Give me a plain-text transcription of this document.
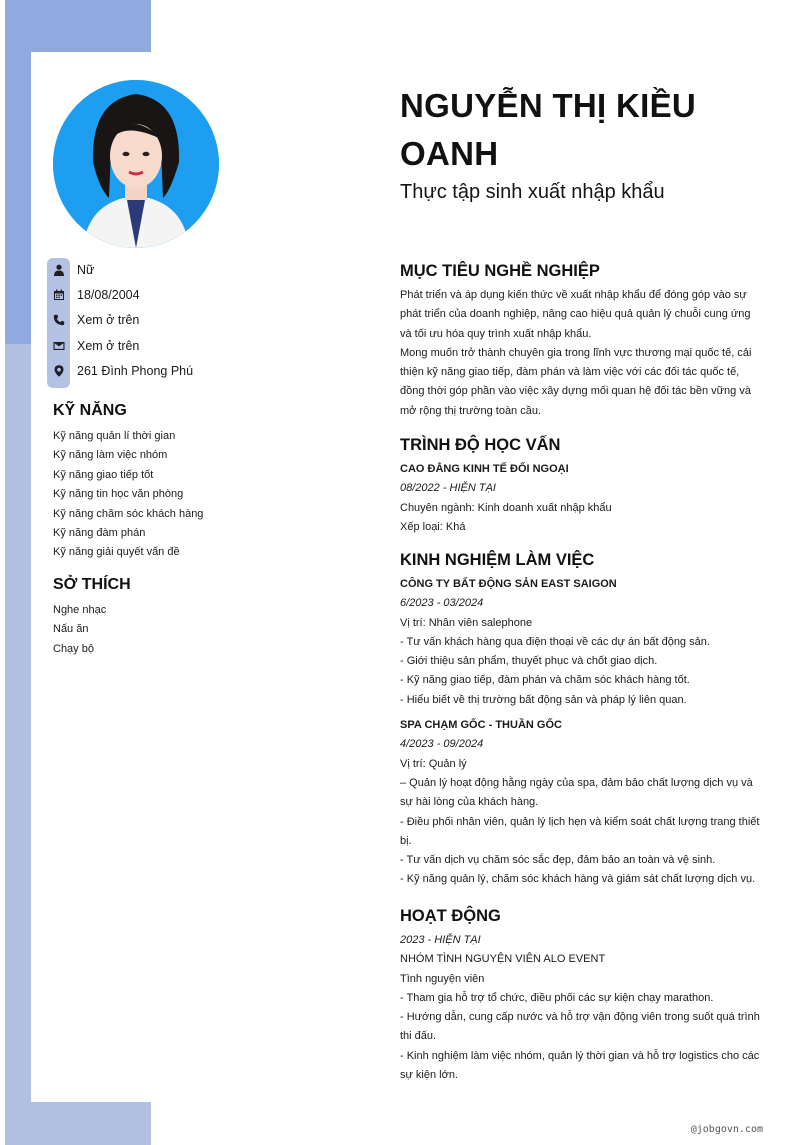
Nữ
18/08/2004
Xem ở trên
Xem ở trên
261 Đình Phong Phú
KỸ NĂNG
Kỹ năng quản lí thời gian
Kỹ năng làm việc nhóm
Kỹ năng giao tiếp tốt
Kỹ năng tin học văn phòng
Kỹ năng chăm sóc khách hàng
Kỹ năng đàm phán
Kỹ năng giải quyết vấn đề
SỞ THÍCH
Nghe nhạc
Nấu ăn
Chạy bộ
NGUYỄN THỊ KIỀU OANH
Thực tập sinh xuất nhập khẩu
MỤC TIÊU NGHỀ NGHIỆP

Phát triển và áp dụng kiến thức về xuất nhập khẩu để đóng góp vào sự phát triển của doanh nghiệp, nâng cao hiệu quả quản lý chuỗi cung ứng và tối ưu hóa quy trình xuất nhập khẩu.

Mong muốn trở thành chuyên gia trong lĩnh vực thương mại quốc tế, cải thiện kỹ năng giao tiếp, đàm phán và làm việc với các đối tác quốc tế, đồng thời góp phần vào việc xây dựng mối quan hệ đối tác bền vững và mở rộng thị trường toàn cầu.

TRÌNH ĐỘ HỌC VẤN

CAO ĐẲNG KINH TẾ ĐỐI NGOẠI

08/2022 - HIỆN TẠI

Chuyên ngành: Kinh doanh xuất nhập khẩu

Xếp loại: Khá

KINH NGHIỆM LÀM VIỆC

CÔNG TY BẤT ĐỘNG SẢN EAST SAIGON

6/2023 - 03/2024

Vị trí: Nhân viên salephone

- Tư vấn khách hàng qua điện thoại về các dự án bất động sản.

- Giới thiệu sản phẩm, thuyết phục và chốt giao dịch.

- Kỹ năng giao tiếp, đàm phán và chăm sóc khách hàng tốt.

- Hiểu biết về thị trường bất động sản và pháp lý liên quan.

SPA CHẠM GỐC - THUẦN GỐC

4/2023 - 09/2024

Vị trí: Quản lý

– Quản lý hoạt động hằng ngày của spa, đảm bảo chất lượng dịch vụ và sự hài lòng của khách hàng.

- Điều phối nhân viên, quản lý lịch hẹn và kiểm soát chất lượng trang thiết bị.

- Tư vấn dịch vụ chăm sóc sắc đẹp, đảm bảo an toàn và vệ sinh.

- Kỹ năng quản lý, chăm sóc khách hàng và giám sát chất lượng dịch vụ.

HOẠT ĐỘNG

2023 - HIỆN TẠI

NHÓM TÌNH NGUYỆN VIÊN ALO EVENT

Tình nguyện viên

- Tham gia hỗ trợ tổ chức, điều phối các sự kiện chạy marathon.

- Hướng dẫn, cung cấp nước và hỗ trợ vận động viên trong suốt quá trình thi đấu.

- Kinh nghiệm làm việc nhóm, quản lý thời gian và hỗ trợ logistics cho các sự kiện lớn.

@jobgovn.com
